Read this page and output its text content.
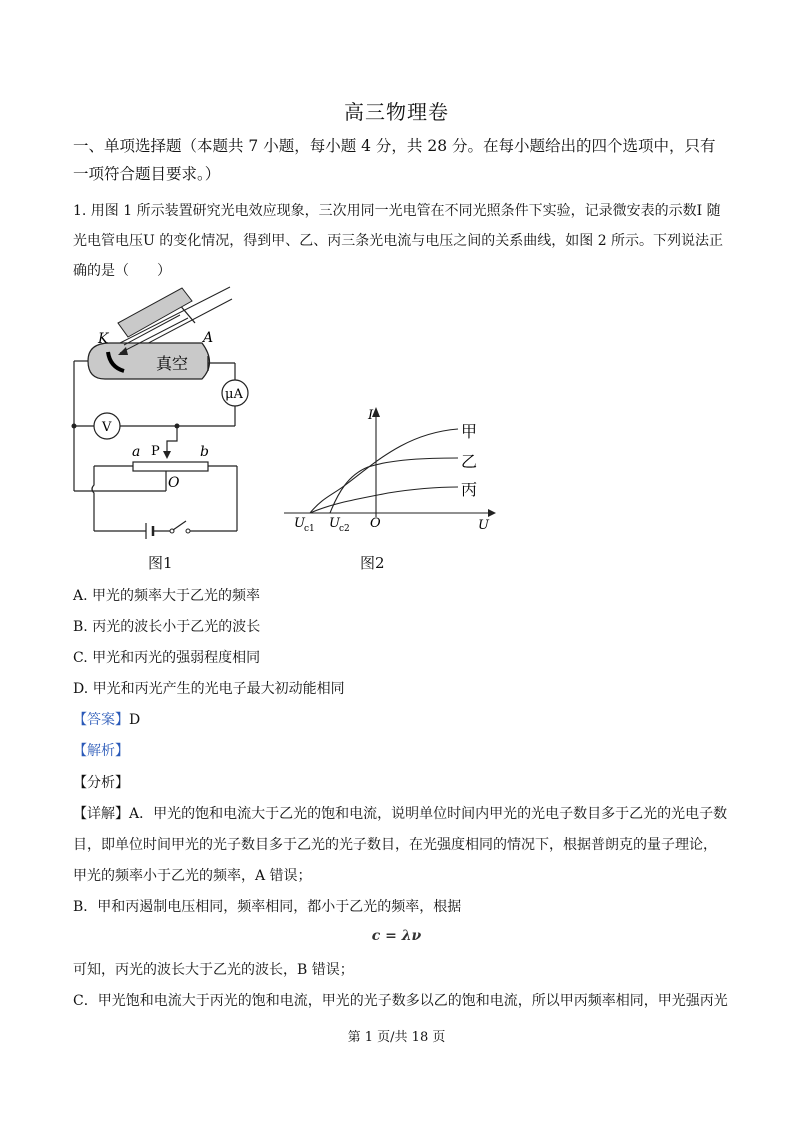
高三物理卷
一、单项选择题（本题共 7 小题，每小题 4 分，共 28 分。在每小题给出的四个选项中，只有
一项符合题目要求。）
1. 用图 1 所示装置研究光电效应现象，三次用同一光电管在不同光照条件下实验，记录微安表的示数I 随
光电管电压U 的变化情况，得到甲、乙、丙三条光电流与电压之间的关系曲线，如图 2 所示。下列说法正
确的是（　　）
K	A
真空
μA
V
P
a	b
O
图1
I
U
O
甲
乙
丙
U c1 U c2
图2
A. 甲光的频率大于乙光的频率
B. 丙光的波长小于乙光的波长
C. 甲光和丙光的强弱程度相同
D. 甲光和丙光产生的光电子最大初动能相同
【答案】D
【解析】
【分析】
【详解】A．甲光的饱和电流大于乙光的饱和电流，说明单位时间内甲光的光电子数目多于乙光的光电子数
目，即单位时间甲光的光子数目多于乙光的光子数目，在光强度相同的情况下，根据普朗克的量子理论，
甲光的频率小于乙光的频率，A 错误；
B．甲和丙遏制电压相同，频率相同，都小于乙光的频率，根据
c = λν
可知，丙光的波长大于乙光的波长，B 错误；
C．甲光饱和电流大于丙光的饱和电流，甲光的光子数多以乙的饱和电流，所以甲丙频率相同，甲光强丙光
第 1 页/共 18 页
